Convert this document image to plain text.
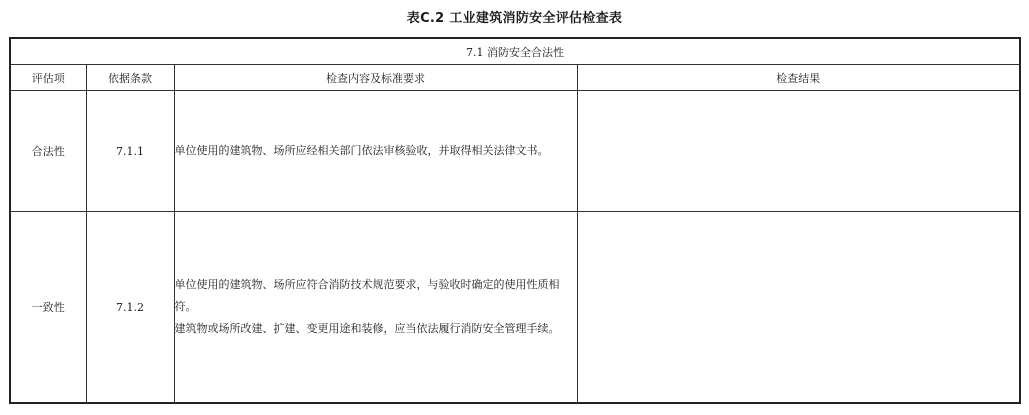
表C.2 工业建筑消防安全评估检查表
7.1 消防安全合法性			
评估项	依据条款	检查内容及标准要求	检查结果
合法性	7.1.1	单位使用的建筑物、场所应经相关部门依法审核验收，并取得相关法律文书。	

一致性	7.1.2	单位使用的建筑物、场所应符合消防技术规范要求，与验收时确定的使用性质相符。

建筑物或场所改建、扩建、变更用途和装修，应当依法履行消防安全管理手续。	
